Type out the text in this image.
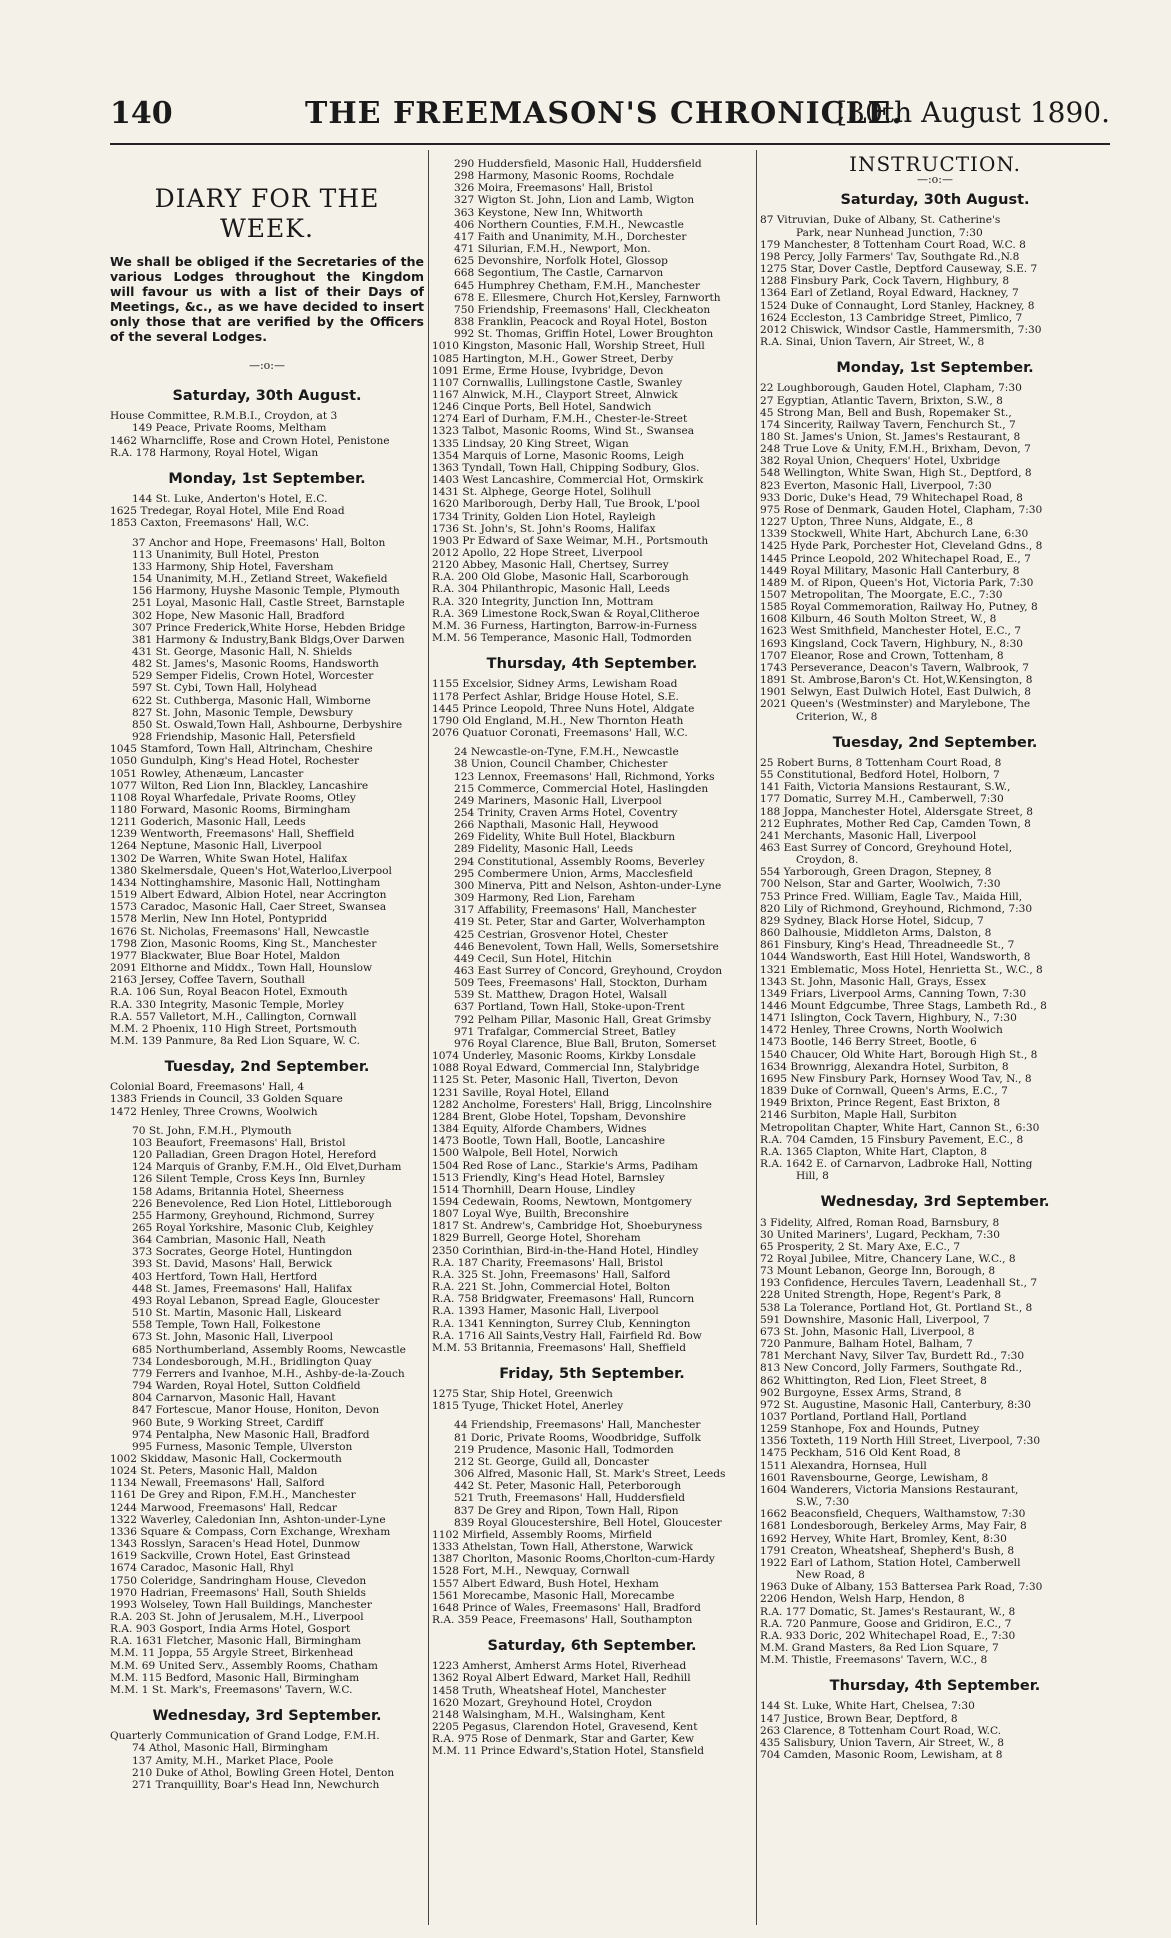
140	THE FREEMASON'S CHRONICLE.
[30th August 1890.
DIARY FOR THE WEEK.
We shall be obliged if the Secretaries of the various Lodges throughout the Kingdom will favour us with a list of their Days of Meetings, &c., as we have decided to insert only those that are verified by the Officers of the several Lodges.
—:o:—
Saturday, 30th August.
House Committee, R.M.B.I., Croydon, at 3
149 Peace, Private Rooms, Meltham
1462 Wharncliffe, Rose and Crown Hotel, Penistone
R.A. 178 Harmony, Royal Hotel, Wigan
Monday, 1st September.
144 St. Luke, Anderton's Hotel, E.C.
1625 Tredegar, Royal Hotel, Mile End Road
1853 Caxton, Freemasons' Hall, W.C.
37 Anchor and Hope, Freemasons' Hall, Bolton
113 Unanimity, Bull Hotel, Preston
133 Harmony, Ship Hotel, Faversham
154 Unanimity, M.H., Zetland Street, Wakefield
156 Harmony, Huyshe Masonic Temple, Plymouth
251 Loyal, Masonic Hall, Castle Street, Barnstaple
302 Hope, New Masonic Hall, Bradford
307 Prince Frederick,White Horse, Hebden Bridge
381 Harmony & Industry,Bank Bldgs,Over Darwen
431 St. George, Masonic Hall, N. Shields
482 St. James's, Masonic Rooms, Handsworth
529 Semper Fidelis, Crown Hotel, Worcester
597 St. Cybi, Town Hall, Holyhead
622 St. Cuthberga, Masonic Hall, Wimborne
827 St. John, Masonic Temple, Dewsbury
850 St. Oswald,Town Hall, Ashbourne, Derbyshire
928 Friendship, Masonic Hall, Petersfield
1045 Stamford, Town Hall, Altrincham, Cheshire
1050 Gundulph, King's Head Hotel, Rochester
1051 Rowley, Athenæum, Lancaster
1077 Wilton, Red Lion Inn, Blackley, Lancashire
1108 Royal Wharfedale, Private Rooms, Otley
1180 Forward, Masonic Rooms, Birmingham
1211 Goderich, Masonic Hall, Leeds
1239 Wentworth, Freemasons' Hall, Sheffield
1264 Neptune, Masonic Hall, Liverpool
1302 De Warren, White Swan Hotel, Halifax
1380 Skelmersdale, Queen's Hot,Waterloo,Liverpool
1434 Nottinghamshire, Masonic Hall, Nottingham
1519 Albert Edward, Albion Hotel, near Accrington
1573 Caradoc, Masonic Hall, Caer Street, Swansea
1578 Merlin, New Inn Hotel, Pontypridd
1676 St. Nicholas, Freemasons' Hall, Newcastle
1798 Zion, Masonic Rooms, King St., Manchester
1977 Blackwater, Blue Boar Hotel, Maldon
2091 Elthorne and Middx., Town Hall, Hounslow
2163 Jersey, Coffee Tavern, Southall
R.A. 106 Sun, Royal Beacon Hotel, Exmouth
R.A. 330 Integrity, Masonic Temple, Morley
R.A. 557 Valletort, M.H., Callington, Cornwall
M.M. 2 Phoenix, 110 High Street, Portsmouth
M.M. 139 Panmure, 8a Red Lion Square, W. C.
Tuesday, 2nd September.
Colonial Board, Freemasons' Hall, 4
1383 Friends in Council, 33 Golden Square
1472 Henley, Three Crowns, Woolwich
70 St. John, F.M.H., Plymouth
103 Beaufort, Freemasons' Hall, Bristol
120 Palladian, Green Dragon Hotel, Hereford
124 Marquis of Granby, F.M.H., Old Elvet,Durham
126 Silent Temple, Cross Keys Inn, Burnley
158 Adams, Britannia Hotel, Sheerness
226 Benevolence, Red Lion Hotel, Littleborough
255 Harmony, Greyhound, Richmond, Surrey
265 Royal Yorkshire, Masonic Club, Keighley
364 Cambrian, Masonic Hall, Neath
373 Socrates, George Hotel, Huntingdon
393 St. David, Masons' Hall, Berwick
403 Hertford, Town Hall, Hertford
448 St. James, Freemasons' Hall, Halifax
493 Royal Lebanon, Spread Eagle, Gloucester
510 St. Martin, Masonic Hall, Liskeard
558 Temple, Town Hall, Folkestone
673 St. John, Masonic Hall, Liverpool
685 Northumberland, Assembly Rooms, Newcastle
734 Londesborough, M.H., Bridlington Quay
779 Ferrers and Ivanhoe, M.H., Ashby-de-la-Zouch
794 Warden, Royal Hotel, Sutton Coldfield
804 Carnarvon, Masonic Hall, Havant
847 Fortescue, Manor House, Honiton, Devon
960 Bute, 9 Working Street, Cardiff
974 Pentalpha, New Masonic Hall, Bradford
995 Furness, Masonic Temple, Ulverston
1002 Skiddaw, Masonic Hall, Cockermouth
1024 St. Peters, Masonic Hall, Maldon
1134 Newall, Freemasons' Hall, Salford
1161 De Grey and Ripon, F.M.H., Manchester
1244 Marwood, Freemasons' Hall, Redcar
1322 Waverley, Caledonian Inn, Ashton-under-Lyne
1336 Square & Compass, Corn Exchange, Wrexham
1343 Rosslyn, Saracen's Head Hotel, Dunmow
1619 Sackville, Crown Hotel, East Grinstead
1674 Caradoc, Masonic Hall, Rhyl
1750 Coleridge, Sandringham House, Clevedon
1970 Hadrian, Freemasons' Hall, South Shields
1993 Wolseley, Town Hall Buildings, Manchester
R.A. 203 St. John of Jerusalem, M.H., Liverpool
R.A. 903 Gosport, India Arms Hotel, Gosport
R.A. 1631 Fletcher, Masonic Hall, Birmingham
M.M. 11 Joppa, 55 Argyle Street, Birkenhead
M.M. 69 United Serv., Assembly Rooms, Chatham
M.M. 115 Bedford, Masonic Hall, Birmingham
M.M. 1 St. Mark's, Freemasons' Tavern, W.C.
Wednesday, 3rd September.
Quarterly Communication of Grand Lodge, F.M.H.
74 Athol, Masonic Hall, Birmingham
137 Amity, M.H., Market Place, Poole
210 Duke of Athol, Bowling Green Hotel, Denton
271 Tranquillity, Boar's Head Inn, Newchurch
290 Huddersfield, Masonic Hall, Huddersfield
298 Harmony, Masonic Rooms, Rochdale
326 Moira, Freemasons' Hall, Bristol
327 Wigton St. John, Lion and Lamb, Wigton
363 Keystone, New Inn, Whitworth
406 Northern Counties, F.M.H., Newcastle
417 Faith and Unanimity, M.H., Dorchester
471 Silurian, F.M.H., Newport, Mon.
625 Devonshire, Norfolk Hotel, Glossop
668 Segontium, The Castle, Carnarvon
645 Humphrey Chetham, F.M.H., Manchester
678 E. Ellesmere, Church Hot,Kersley, Farnworth
750 Friendship, Freemasons' Hall, Cleckheaton
838 Franklin, Peacock and Royal Hotel, Boston
992 St. Thomas, Griffin Hotel, Lower Broughton
1010 Kingston, Masonic Hall, Worship Street, Hull
1085 Hartington, M.H., Gower Street, Derby
1091 Erme, Erme House, Ivybridge, Devon
1107 Cornwallis, Lullingstone Castle, Swanley
1167 Alnwick, M.H., Clayport Street, Alnwick
1246 Cinque Ports, Bell Hotel, Sandwich
1274 Earl of Durham, F.M.H., Chester-le-Street
1323 Talbot, Masonic Rooms, Wind St., Swansea
1335 Lindsay, 20 King Street, Wigan
1354 Marquis of Lorne, Masonic Rooms, Leigh
1363 Tyndall, Town Hall, Chipping Sodbury, Glos.
1403 West Lancashire, Commercial Hot, Ormskirk
1431 St. Alphege, George Hotel, Solihull
1620 Marlborough, Derby Hall, Tue Brook, L'pool
1734 Trinity, Golden Lion Hotel, Rayleigh
1736 St. John's, St. John's Rooms, Halifax
1903 Pr Edward of Saxe Weimar, M.H., Portsmouth
2012 Apollo, 22 Hope Street, Liverpool
2120 Abbey, Masonic Hall, Chertsey, Surrey
R.A. 200 Old Globe, Masonic Hall, Scarborough
R.A. 304 Philanthropic, Masonic Hall, Leeds
R.A. 320 Integrity, Junction Inn, Mottram
R.A. 369 Limestone Rock,Swan & Royal,Clitheroe
M.M. 36 Furness, Hartington, Barrow-in-Furness
M.M. 56 Temperance, Masonic Hall, Todmorden
Thursday, 4th September.
1155 Excelsior, Sidney Arms, Lewisham Road
1178 Perfect Ashlar, Bridge House Hotel, S.E.
1445 Prince Leopold, Three Nuns Hotel, Aldgate
1790 Old England, M.H., New Thornton Heath
2076 Quatuor Coronati, Freemasons' Hall, W.C.
24 Newcastle-on-Tyne, F.M.H., Newcastle
38 Union, Council Chamber, Chichester
123 Lennox, Freemasons' Hall, Richmond, Yorks
215 Commerce, Commercial Hotel, Haslingden
249 Mariners, Masonic Hall, Liverpool
254 Trinity, Craven Arms Hotel, Coventry
266 Napthali, Masonic Hall, Heywood
269 Fidelity, White Bull Hotel, Blackburn
289 Fidelity, Masonic Hall, Leeds
294 Constitutional, Assembly Rooms, Beverley
295 Combermere Union, Arms, Macclesfield
300 Minerva, Pitt and Nelson, Ashton-under-Lyne
309 Harmony, Red Lion, Fareham
317 Affability, Freemasons' Hall, Manchester
419 St. Peter, Star and Garter, Wolverhampton
425 Cestrian, Grosvenor Hotel, Chester
446 Benevolent, Town Hall, Wells, Somersetshire
449 Cecil, Sun Hotel, Hitchin
463 East Surrey of Concord, Greyhound, Croydon
509 Tees, Freemasons' Hall, Stockton, Durham
539 St. Matthew, Dragon Hotel, Walsall
637 Portland, Town Hall, Stoke-upon-Trent
792 Pelham Pillar, Masonic Hall, Great Grimsby
971 Trafalgar, Commercial Street, Batley
976 Royal Clarence, Blue Ball, Bruton, Somerset
1074 Underley, Masonic Rooms, Kirkby Lonsdale
1088 Royal Edward, Commercial Inn, Stalybridge
1125 St. Peter, Masonic Hall, Tiverton, Devon
1231 Saville, Royal Hotel, Elland
1282 Ancholme, Foresters' Hall, Brigg, Lincolnshire
1284 Brent, Globe Hotel, Topsham, Devonshire
1384 Equity, Alforde Chambers, Widnes
1473 Bootle, Town Hall, Bootle, Lancashire
1500 Walpole, Bell Hotel, Norwich
1504 Red Rose of Lanc., Starkie's Arms, Padiham
1513 Friendly, King's Head Hotel, Barnsley
1514 Thornhill, Dearn House, Lindley
1594 Cedewain, Rooms, Newtown, Montgomery
1807 Loyal Wye, Builth, Breconshire
1817 St. Andrew's, Cambridge Hot, Shoeburyness
1829 Burrell, George Hotel, Shoreham
2350 Corinthian, Bird-in-the-Hand Hotel, Hindley
R.A. 187 Charity, Freemasons' Hall, Bristol
R.A. 325 St. John, Freemasons' Hall, Salford
R.A. 221 St. John, Commercial Hotel, Bolton
R.A. 758 Bridgwater, Freemasons' Hall, Runcorn
R.A. 1393 Hamer, Masonic Hall, Liverpool
R.A. 1341 Kennington, Surrey Club, Kennington
R.A. 1716 All Saints,Vestry Hall, Fairfield Rd. Bow
M.M. 53 Britannia, Freemasons' Hall, Sheffield
Friday, 5th September.
1275 Star, Ship Hotel, Greenwich
1815 Tyuge, Thicket Hotel, Anerley
44 Friendship, Freemasons' Hall, Manchester
81 Doric, Private Rooms, Woodbridge, Suffolk
219 Prudence, Masonic Hall, Todmorden
212 St. George, Guild all, Doncaster
306 Alfred, Masonic Hall, St. Mark's Street, Leeds
442 St. Peter, Masonic Hall, Peterborough
521 Truth, Freemasons' Hall, Huddersfield
837 De Grey and Ripon, Town Hall, Ripon
839 Royal Gloucestershire, Bell Hotel, Gloucester
1102 Mirfield, Assembly Rooms, Mirfield
1333 Athelstan, Town Hall, Atherstone, Warwick
1387 Chorlton, Masonic Rooms,Chorlton-cum-Hardy
1528 Fort, M.H., Newquay, Cornwall
1557 Albert Edward, Bush Hotel, Hexham
1561 Morecambe, Masonic Hall, Morecambe
1648 Prince of Wales, Freemasons' Hall, Bradford
R.A. 359 Peace, Freemasons' Hall, Southampton
Saturday, 6th September.
1223 Amherst, Amherst Arms Hotel, Riverhead
1362 Royal Albert Edward, Market Hall, Redhill
1458 Truth, Wheatsheaf Hotel, Manchester
1620 Mozart, Greyhound Hotel, Croydon
2148 Walsingham, M.H., Walsingham, Kent
2205 Pegasus, Clarendon Hotel, Gravesend, Kent
R.A. 975 Rose of Denmark, Star and Garter, Kew
M.M. 11 Prince Edward's,Station Hotel, Stansfield
INSTRUCTION.
—:o:—
Saturday, 30th August.
87 Vitruvian, Duke of Albany, St. Catherine's
Park, near Nunhead Junction, 7:30
179 Manchester, 8 Tottenham Court Road, W.C. 8
198 Percy, Jolly Farmers' Tav, Southgate Rd.,N.8
1275 Star, Dover Castle, Deptford Causeway, S.E. 7
1288 Finsbury Park, Cock Tavern, Highbury, 8
1364 Earl of Zetland, Royal Edward, Hackney, 7
1524 Duke of Connaught, Lord Stanley, Hackney, 8
1624 Eccleston, 13 Cambridge Street, Pimlico, 7
2012 Chiswick, Windsor Castle, Hammersmith, 7:30
R.A. Sinai, Union Tavern, Air Street, W., 8
Monday, 1st September.
22 Loughborough, Gauden Hotel, Clapham, 7:30
27 Egyptian, Atlantic Tavern, Brixton, S.W., 8
45 Strong Man, Bell and Bush, Ropemaker St.,
174 Sincerity, Railway Tavern, Fenchurch St., 7
180 St. James's Union, St. James's Restaurant, 8
248 True Love & Unity, F.M.H., Brixham, Devon, 7
382 Royal Union, Chequers' Hotel, Uxbridge
548 Wellington, White Swan, High St., Deptford, 8
823 Everton, Masonic Hall, Liverpool, 7:30
933 Doric, Duke's Head, 79 Whitechapel Road, 8
975 Rose of Denmark, Gauden Hotel, Clapham, 7:30
1227 Upton, Three Nuns, Aldgate, E., 8
1339 Stockwell, White Hart, Abchurch Lane, 6:30
1425 Hyde Park, Porchester Hot, Cleveland Gdns., 8
1445 Prince Leopold, 202 Whitechapel Road, E., 7
1449 Royal Military, Masonic Hall Canterbury, 8
1489 M. of Ripon, Queen's Hot, Victoria Park, 7:30
1507 Metropolitan, The Moorgate, E.C., 7:30
1585 Royal Commemoration, Railway Ho, Putney, 8
1608 Kilburn, 46 South Molton Street, W., 8
1623 West Smithfield, Manchester Hotel, E.C., 7
1693 Kingsland, Cock Tavern, Highbury, N., 8:30
1707 Eleanor, Rose and Crown, Tottenham, 8
1743 Perseverance, Deacon's Tavern, Walbrook, 7
1891 St. Ambrose,Baron's Ct. Hot,W.Kensington, 8
1901 Selwyn, East Dulwich Hotel, East Dulwich, 8
2021 Queen's (Westminster) and Marylebone, The
Criterion, W., 8
Tuesday, 2nd September.
25 Robert Burns, 8 Tottenham Court Road, 8
55 Constitutional, Bedford Hotel, Holborn, 7
141 Faith, Victoria Mansions Restaurant, S.W.,
177 Domatic, Surrey M.H., Camberwell, 7:30
188 Joppa, Manchester Hotel, Aldersgate Street, 8
212 Euphrates, Mother Red Cap, Camden Town, 8
241 Merchants, Masonic Hall, Liverpool
463 East Surrey of Concord, Greyhound Hotel,
Croydon, 8.
554 Yarborough, Green Dragon, Stepney, 8
700 Nelson, Star and Garter, Woolwich, 7:30
753 Prince Fred. William, Eagle Tav., Maida Hill,
820 Lily of Richmond, Greyhound, Richmond, 7:30
829 Sydney, Black Horse Hotel, Sidcup, 7
860 Dalhousie, Middleton Arms, Dalston, 8
861 Finsbury, King's Head, Threadneedle St., 7
1044 Wandsworth, East Hill Hotel, Wandsworth, 8
1321 Emblematic, Moss Hotel, Henrietta St., W.C., 8
1343 St. John, Masonic Hall, Grays, Essex
1349 Friars, Liverpool Arms, Canning Town, 7:30
1446 Mount Edgcumbe, Three Stags, Lambeth Rd., 8
1471 Islington, Cock Tavern, Highbury, N., 7:30
1472 Henley, Three Crowns, North Woolwich
1473 Bootle, 146 Berry Street, Bootle, 6
1540 Chaucer, Old White Hart, Borough High St., 8
1634 Brownrigg, Alexandra Hotel, Surbiton, 8
1695 New Finsbury Park, Hornsey Wood Tav, N., 8
1839 Duke of Cornwall, Queen's Arms, E.C., 7
1949 Brixton, Prince Regent, East Brixton, 8
2146 Surbiton, Maple Hall, Surbiton
Metropolitan Chapter, White Hart, Cannon St., 6:30
R.A. 704 Camden, 15 Finsbury Pavement, E.C., 8
R.A. 1365 Clapton, White Hart, Clapton, 8
R.A. 1642 E. of Carnarvon, Ladbroke Hall, Notting
Hill, 8
Wednesday, 3rd September.
3 Fidelity, Alfred, Roman Road, Barnsbury, 8
30 United Mariners', Lugard, Peckham, 7:30
65 Prosperity, 2 St. Mary Axe, E.C., 7
72 Royal Jubilee, Mitre, Chancery Lane, W.C., 8
73 Mount Lebanon, George Inn, Borough, 8
193 Confidence, Hercules Tavern, Leadenhall St., 7
228 United Strength, Hope, Regent's Park, 8
538 La Tolerance, Portland Hot, Gt. Portland St., 8
591 Downshire, Masonic Hall, Liverpool, 7
673 St. John, Masonic Hall, Liverpool, 8
720 Panmure, Balham Hotel, Balham, 7
781 Merchant Navy, Silver Tav, Burdett Rd., 7:30
813 New Concord, Jolly Farmers, Southgate Rd.,
862 Whittington, Red Lion, Fleet Street, 8
902 Burgoyne, Essex Arms, Strand, 8
972 St. Augustine, Masonic Hall, Canterbury, 8:30
1037 Portland, Portland Hall, Portland
1259 Stanhope, Fox and Hounds, Putney
1356 Toxteth, 119 North Hill Street, Liverpool, 7:30
1475 Peckham, 516 Old Kent Road, 8
1511 Alexandra, Hornsea, Hull
1601 Ravensbourne, George, Lewisham, 8
1604 Wanderers, Victoria Mansions Restaurant,
S.W., 7:30
1662 Beaconsfield, Chequers, Walthamstow, 7:30
1681 Londesborough, Berkeley Arms, May Fair, 8
1692 Hervey, White Hart, Bromley, Kent, 8:30
1791 Creaton, Wheatsheaf, Shepherd's Bush, 8
1922 Earl of Lathom, Station Hotel, Camberwell
New Road, 8
1963 Duke of Albany, 153 Battersea Park Road, 7:30
2206 Hendon, Welsh Harp, Hendon, 8
R.A. 177 Domatic, St. James's Restaurant, W., 8
R.A. 720 Panmure, Goose and Gridiron, E.C., 7
R.A. 933 Doric, 202 Whitechapel Road, E., 7:30
M.M. Grand Masters, 8a Red Lion Square, 7
M.M. Thistle, Freemasons' Tavern, W.C., 8
Thursday, 4th September.
144 St. Luke, White Hart, Chelsea, 7:30
147 Justice, Brown Bear, Deptford, 8
263 Clarence, 8 Tottenham Court Road, W.C.
435 Salisbury, Union Tavern, Air Street, W., 8
704 Camden, Masonic Room, Lewisham, at 8
